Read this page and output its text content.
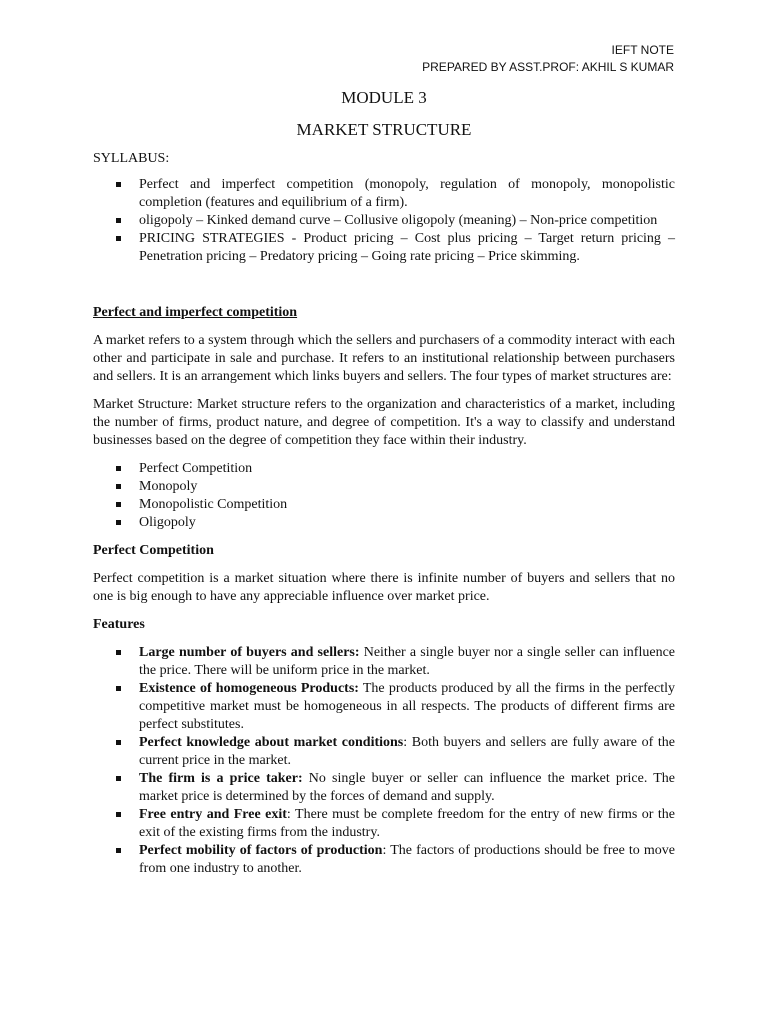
IEFT NOTE
PREPARED BY ASST.PROF: AKHIL S KUMAR
MODULE 3
MARKET STRUCTURE

SYLLABUS:

Perfect and imperfect competition (monopoly, regulation of monopoly, monopolistic completion (features and equilibrium of a firm).
oligopoly – Kinked demand curve – Collusive oligopoly (meaning) – Non-price competition
PRICING STRATEGIES - Product pricing – Cost plus pricing – Target return pricing – Penetration pricing – Predatory pricing – Going rate pricing – Price skimming.

Perfect and imperfect competition

A market refers to a system through which the sellers and purchasers of a commodity interact with each other and participate in sale and purchase. It refers to an institutional relationship between purchasers and sellers. It is an arrangement which links buyers and sellers. The four types of market structures are:

Market Structure: Market structure refers to the organization and characteristics of a market, including the number of firms, product nature, and degree of competition. It's a way to classify and understand businesses based on the degree of competition they face within their industry.

Perfect Competition
Monopoly
Monopolistic Competition
Oligopoly

Perfect Competition

Perfect competition is a market situation where there is infinite number of buyers and sellers that no one is big enough to have any appreciable influence over market price.

Features

Large number of buyers and sellers: Neither a single buyer nor a single seller can influence the price. There will be uniform price in the market.
Existence of homogeneous Products: The products produced by all the firms in the perfectly competitive market must be homogeneous in all respects. The products of different firms are perfect substitutes.
Perfect knowledge about market conditions: Both buyers and sellers are fully aware of the current price in the market.
The firm is a price taker: No single buyer or seller can influence the market price. The market price is determined by the forces of demand and supply.
Free entry and Free exit: There must be complete freedom for the entry of new firms or the exit of the existing firms from the industry.
Perfect mobility of factors of production: The factors of productions should be free to move from one industry to another.
